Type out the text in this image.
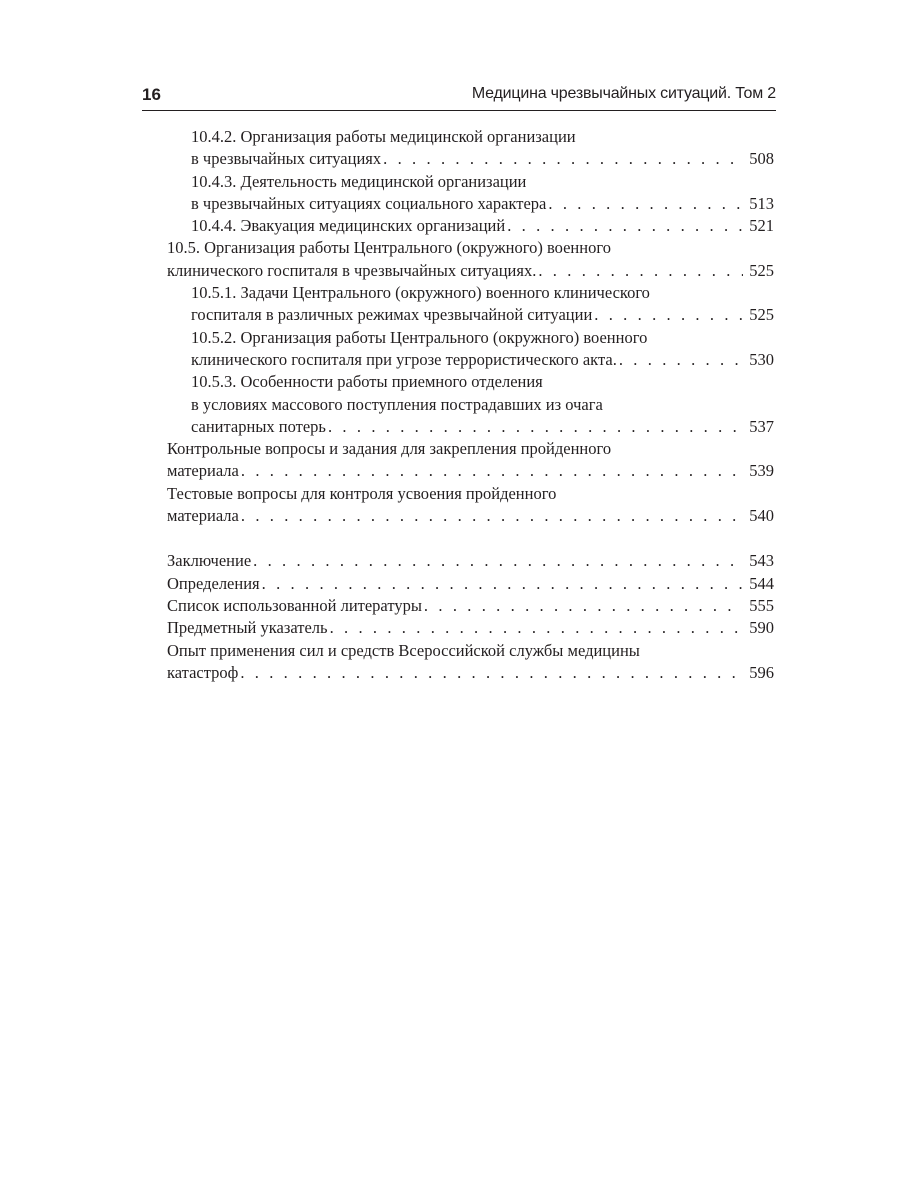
16	Медицина чрезвычайных ситуаций. Том 2
10.4.2. Организация работы медицинской организации
в чрезвычайных ситуациях . . .	508
10.4.3. Деятельность медицинской организации
в чрезвычайных ситуациях социального характера . . .	513
10.4.4. Эвакуация медицинских организаций . . .	521
10.5. Организация работы Центрального (окружного) военного
клинического госпиталя в чрезвычайных ситуациях. . . .	525
10.5.1. Задачи Центрального (окружного) военного клинического
госпиталя в различных режимах чрезвычайной ситуации . . .	525
10.5.2. Организация работы Центрального (окружного) военного
клинического госпиталя при угрозе террористического акта. . . .	530
10.5.3. Особенности работы приемного отделения
в условиях массового поступления пострадавших из очага
санитарных потерь . . .	537
Контрольные вопросы и задания для закрепления пройденного
материала . . .	539
Тестовые вопросы для контроля усвоения пройденного
материала . . .	540
Заключение . . .	543
Определения . . .	544
Список использованной литературы . . .	555
Предметный указатель . . .	590
Опыт применения сил и средств Всероссийской службы медицины
катастроф . . .	596
